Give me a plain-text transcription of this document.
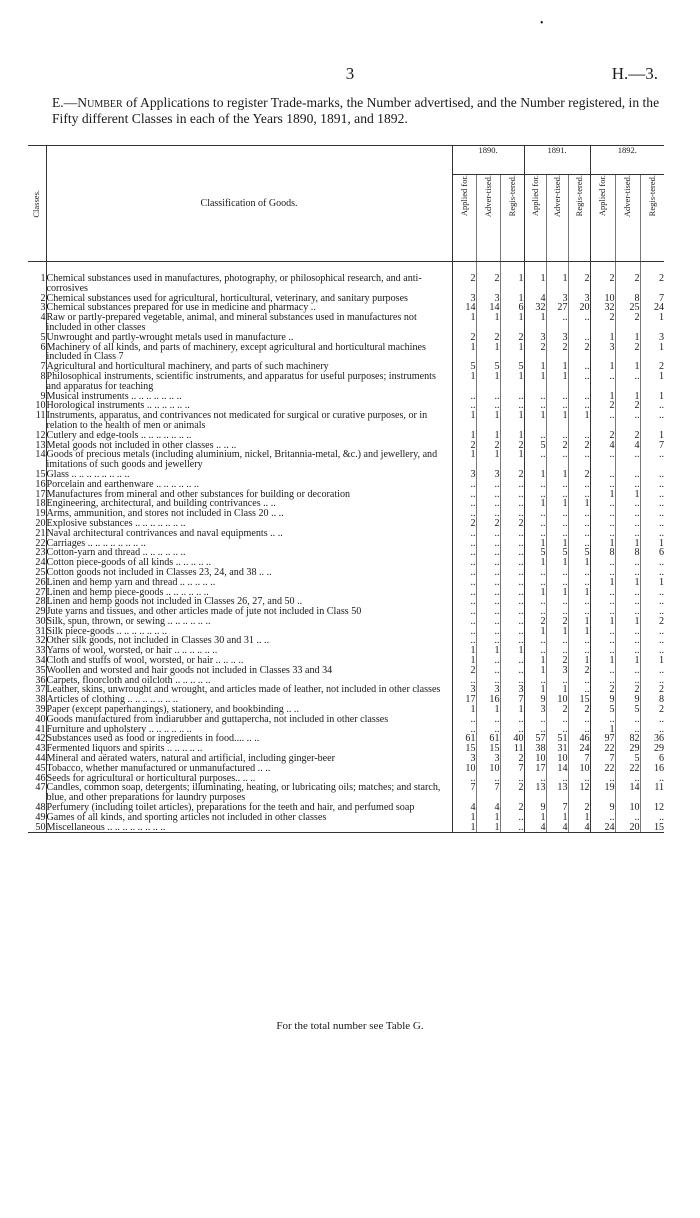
•
3	H.—3.
E.—Number of Applications to register Trade-marks, the Number advertised, and the Number registered, in the Fifty different Classes in each of the Years 1890, 1891, and 1892.
Classes.	Classification of Goods.	1890.			1891.			1892.		

		Applied for.	Adver-tised.	Regis-tered.	Applied for.	Adver-tised.	Regis-tered.	Applied for.	Adver-tised.	Regis-tered.

1	Chemical substances used in manufactures, photography, or philosophical research, and anti-corrosives	2	2	1	1	1	2	2	2	2
2	Chemical substances used for agricultural, horticultural, veterinary, and sanitary purposes	3	3	1	4	3	3	10	8	7
3	Chemical substances prepared for use in medicine and pharmacy ..	14	14	6	32	27	20	32	25	24
4	Raw or partly-prepared vegetable, animal, and mineral substances used in manufactures not included in other classes	1	1	1	1	..	..	2	2	1
5	Unwrought and partly-wrought metals used in manufacture ..	2	2	2	3	3	..	1	1	3
6	Machinery of all kinds, and parts of machinery, except agricultural and horticultural machines included in Class 7	1	1	1	2	2	2	3	2	1
7	Agricultural and horticultural machinery, and parts of such machinery	5	5	5	1	1	..	1	1	2
8	Philosophical instruments, scientific instruments, and apparatus for useful purposes; instruments and apparatus for teaching	1	1	1	1	1	..	..	..	1
9	Musical instruments .. .. .. .. .. .. ..	..	..	..	..	..	..	1	1	1
10	Horological instruments .. .. .. .. .. ..	..	..	..	..	..	..	2	2	..
11	Instruments, apparatus, and contrivances not medicated for surgical or curative purposes, or in relation to the health of men or animals	1	1	1	1	1	1	..	..	..
12	Cutlery and edge-tools .. .. .. .. .. .. ..	1	1	1	..	..	..	2	2	1
13	Metal goods not included in other classes .. .. ..	2	2	2	5	2	2	4	4	7
14	Goods of precious metals (including aluminium, nickel, Britannia-metal, &c.) and jewellery, and imitations of such goods and jewellery	1	1	1	..	..	..	..	..	..
15	Glass .. .. .. .. .. .. .. ..	3	3	2	1	1	2	..	..	..
16	Porcelain and earthenware .. .. .. .. .. ..	..	..	..	..	..	..	..	..	..
17	Manufactures from mineral and other substances for building or decoration	..	..	..	..	..	..	1	1	..
18	Engineering, architectural, and building contrivances .. ..	..	..	..	1	1	1	..	..	..
19	Arms, ammunition, and stores not included in Class 20 .. ..	..	..	..	..	..	..	..	..	..
20	Explosive substances .. .. .. .. .. .. ..	2	2	2	..	..	..	..	..	..
21	Naval architectural contrivances and naval equipments .. ..	..	..	..	..	..	..	..	..	..
22	Carriages .. .. .. .. .. .. .. ..	..	..	..	1	1	..	1	1	1
23	Cotton-yarn and thread .. .. .. .. .. ..	..	..	..	5	5	5	8	8	6
24	Cotton piece-goods of all kinds .. .. .. .. ..	..	..	..	1	1	1	..	..	..
25	Cotton goods not included in Classes 23, 24, and 38 .. ..	..	..	..	..	..	..	..	..	..
26	Linen and hemp yarn and thread .. .. .. .. ..	..	..	..	..	..	..	1	1	1
27	Linen and hemp piece-goods .. .. .. .. .. ..	..	..	..	1	1	1	..	..	..
28	Linen and hemp goods not included in Classes 26, 27, and 50 ..	..	..	..	..	..	..	..	..	..
29	Jute yarns and tissues, and other articles made of jute not included in Class 50	..	..	..	..	..	..	..	..	..
30	Silk, spun, thrown, or sewing .. .. .. .. .. ..	..	..	..	2	2	1	1	1	2
31	Silk piece-goods .. .. .. .. .. .. ..	..	..	..	1	1	1	..	..	..
32	Other silk goods, not included in Classes 30 and 31 .. ..	..	..	..	..	..	..	..	..	..
33	Yarns of wool, worsted, or hair .. .. .. .. .. ..	1	1	1	..	..	..	..	..	..
34	Cloth and stuffs of wool, worsted, or hair .. .. .. ..	1	..	..	1	2	1	1	1	1
35	Woollen and worsted and hair goods not included in Classes 33 and 34	2	..	..	1	3	2	..	..	..
36	Carpets, floorcloth and oilcloth .. .. .. .. ..	..	..	..	..	..	..	..	..	..
37	Leather, skins, unwrought and wrought, and articles made of leather, not included in other classes	3	3	3	1	1	..	2	2	2
38	Articles of clothing .. .. .. .. .. .. ..	17	16	7	9	10	15	9	9	8
39	Paper (except paperhangings), stationery, and bookbinding .. ..	1	1	1	3	2	2	5	5	2
40	Goods manufactured from indiarubber and guttapercha, not included in other classes	..	..	..	..	..	..	..	..	..
41	Furniture and upholstery .. .. .. .. .. ..	..	..	..	..	..	..	1	..	..
42	Substances used as food or ingredients in food.... .. ..	61	61	40	57	51	46	97	82	36
43	Fermented liquors and spirits .. .. .. .. ..	15	15	11	38	31	24	22	29	29
44	Mineral and aërated waters, natural and artificial, including ginger-beer	3	3	2	10	10	7	7	5	6
45	Tobacco, whether manufactured or unmanufactured .. ..	10	10	7	17	14	10	22	22	16
46	Seeds for agricultural or horticultural purposes.. .. ..	..	..	..	..	..	..	..	..	..
47	Candles, common soap, detergents; illuminating, heating, or lubricating oils; matches; and starch, blue, and other preparations for laundry purposes	7	7	2	13	13	12	19	14	11
48	Perfumery (including toilet articles), preparations for the teeth and hair, and perfumed soap	4	4	2	9	7	2	9	10	12
49	Games of all kinds, and sporting articles not included in other classes	1	1	..	1	1	1	..	..	..
50	Miscellaneous .. .. .. .. .. .. .. ..	1	1	..	4	4	4	24	20	15
For the total number see Table G.
